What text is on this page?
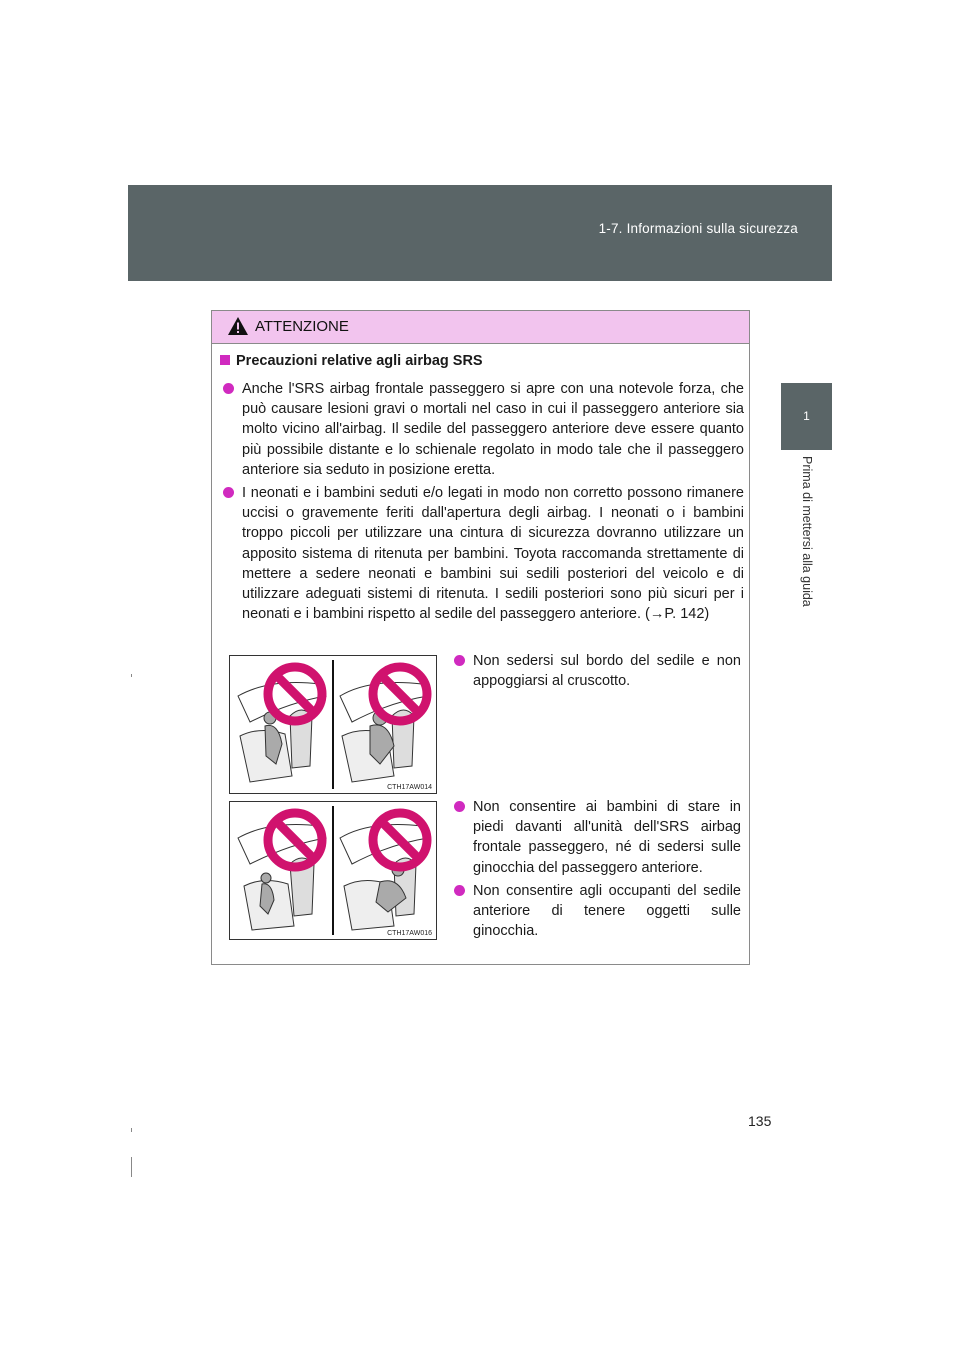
1-7. Informazioni sulla sicurezza
1
Prima di mettersi alla guida
ATTENZIONE
Precauzioni relative agli airbag SRS
Anche l'SRS airbag frontale passeggero si apre con una notevole forza, che può causare lesioni gravi o mortali nel caso in cui il passeggero anteriore sia molto vicino all'airbag. Il sedile del passeggero anteriore deve essere quanto più possibile distante e lo schienale regolato in modo tale che il passeggero anteriore sia seduto in posizione eretta.
I neonati e i bambini seduti e/o legati in modo non corretto possono rimanere uccisi o gravemente feriti dall'apertura degli airbag. I neonati o i bambini troppo piccoli per utilizzare una cintura di sicurezza dovranno utilizzare un apposito sistema di ritenuta per bambini. Toyota raccomanda strettamente di mettere a sedere neonati e bambini sui sedili posteriori del veicolo e di utilizzare adeguati sistemi di ritenuta. I sedili posteriori sono più sicuri per i neonati e i bambini rispetto al sedile del passeggero anteriore. (→P. 142)
CTH17AW014
Non sedersi sul bordo del sedile e non appoggiarsi al cruscotto.
CTH17AW016
Non consentire ai bambini di stare in piedi davanti all'unità dell'SRS airbag frontale passeggero, né di sedersi sulle ginocchia del passeggero anteriore.
Non consentire agli occupanti del sedile anteriore di tenere oggetti sulle ginocchia.
135
